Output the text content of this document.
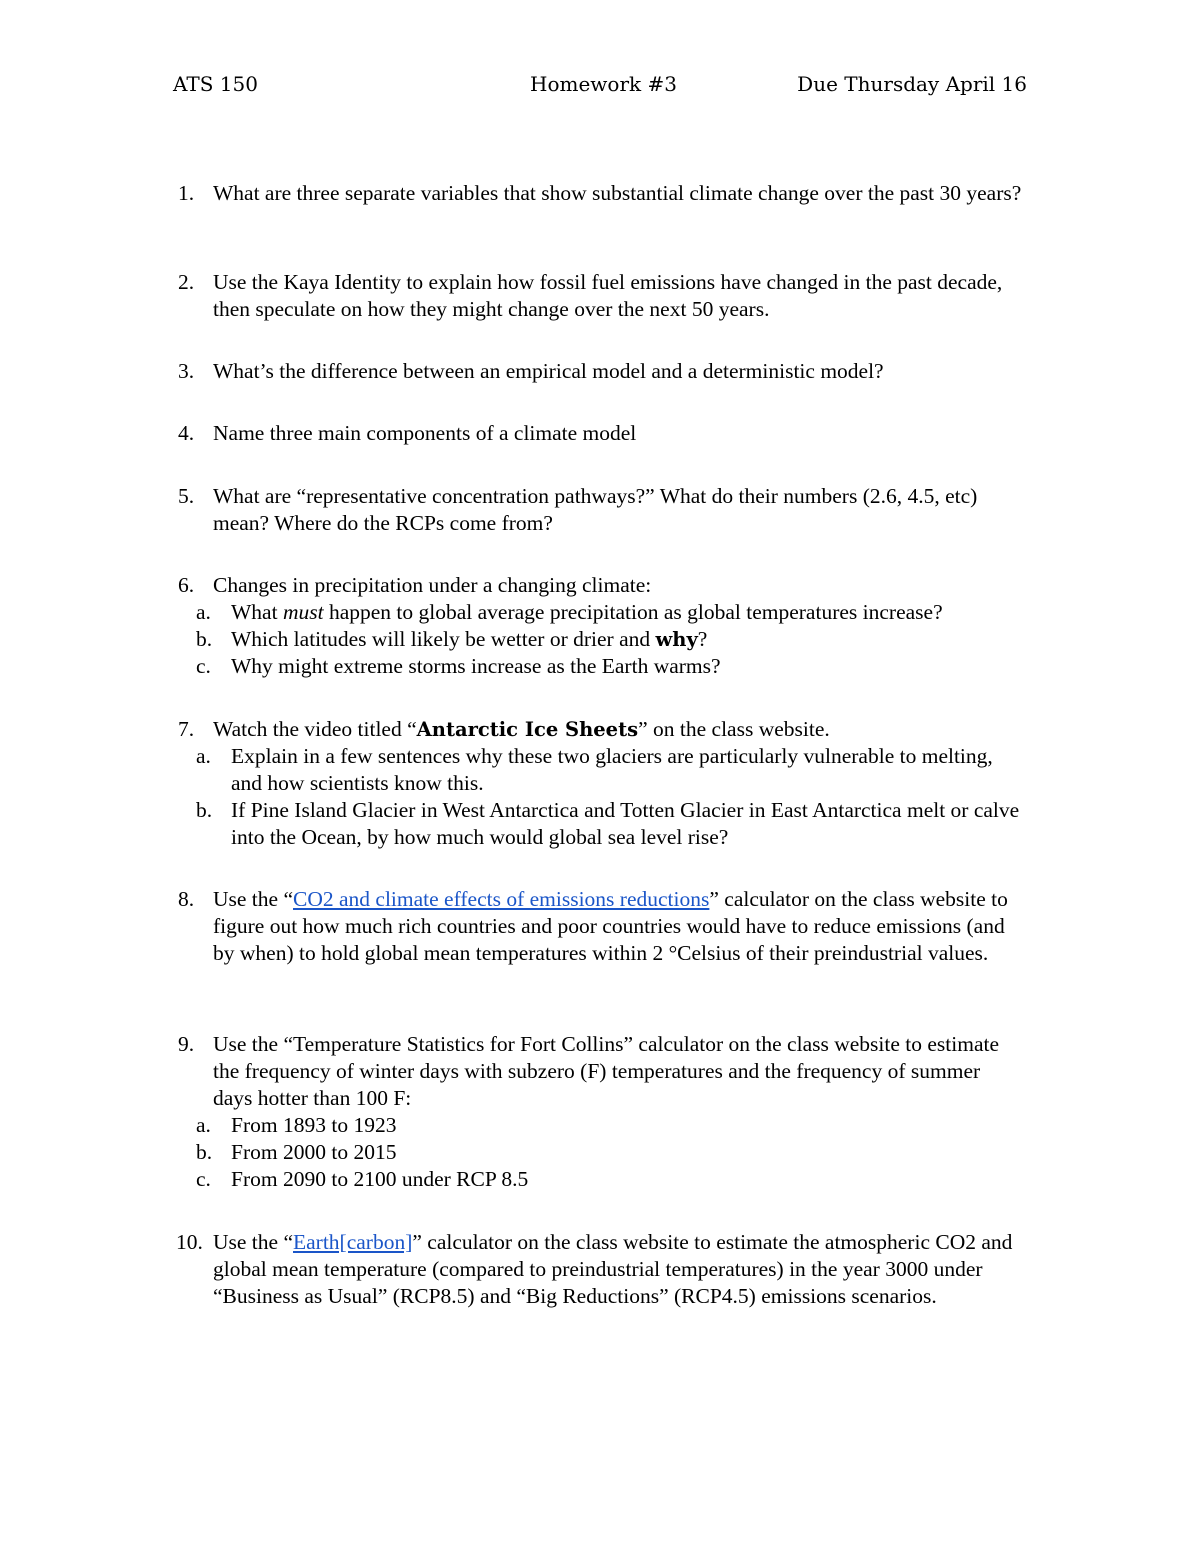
ATS 150	Homework #3	Due Thursday April 16
1. What are three separate variables that show substantial climate change over the past 30 years?
2. Use the Kaya Identity to explain how fossil fuel emissions have changed in the past decade, then speculate on how they might change over the next 50 years.
3. What’s the difference between an empirical model and a deterministic model?
4. Name three main components of a climate model
5. What are “representative concentration pathways?” What do their numbers (2.6, 4.5, etc) mean? Where do the RCPs come from?
6. Changes in precipitation under a changing climate:
a. What must happen to global average precipitation as global temperatures increase?
b. Which latitudes will likely be wetter or drier and why?
c. Why might extreme storms increase as the Earth warms?
7. Watch the video titled “Antarctic Ice Sheets” on the class website.
a. Explain in a few sentences why these two glaciers are particularly vulnerable to melting, and how scientists know this.
b. If Pine Island Glacier in West Antarctica and Totten Glacier in East Antarctica melt or calve into the Ocean, by how much would global sea level rise?
8. Use the “CO2 and climate effects of emissions reductions” calculator on the class website to figure out how much rich countries and poor countries would have to reduce emissions (and by when) to hold global mean temperatures within 2 °Celsius of their preindustrial values.
9. Use the “Temperature Statistics for Fort Collins” calculator on the class website to estimate the frequency of winter days with subzero (F) temperatures and the frequency of summer days hotter than 100 F:
a. From 1893 to 1923
b. From 2000 to 2015
c. From 2090 to 2100 under RCP 8.5
10. Use the “Earth[carbon]” calculator on the class website to estimate the atmospheric CO2 and global mean temperature (compared to preindustrial temperatures) in the year 3000 under “Business as Usual” (RCP8.5) and “Big Reductions” (RCP4.5) emissions scenarios.
